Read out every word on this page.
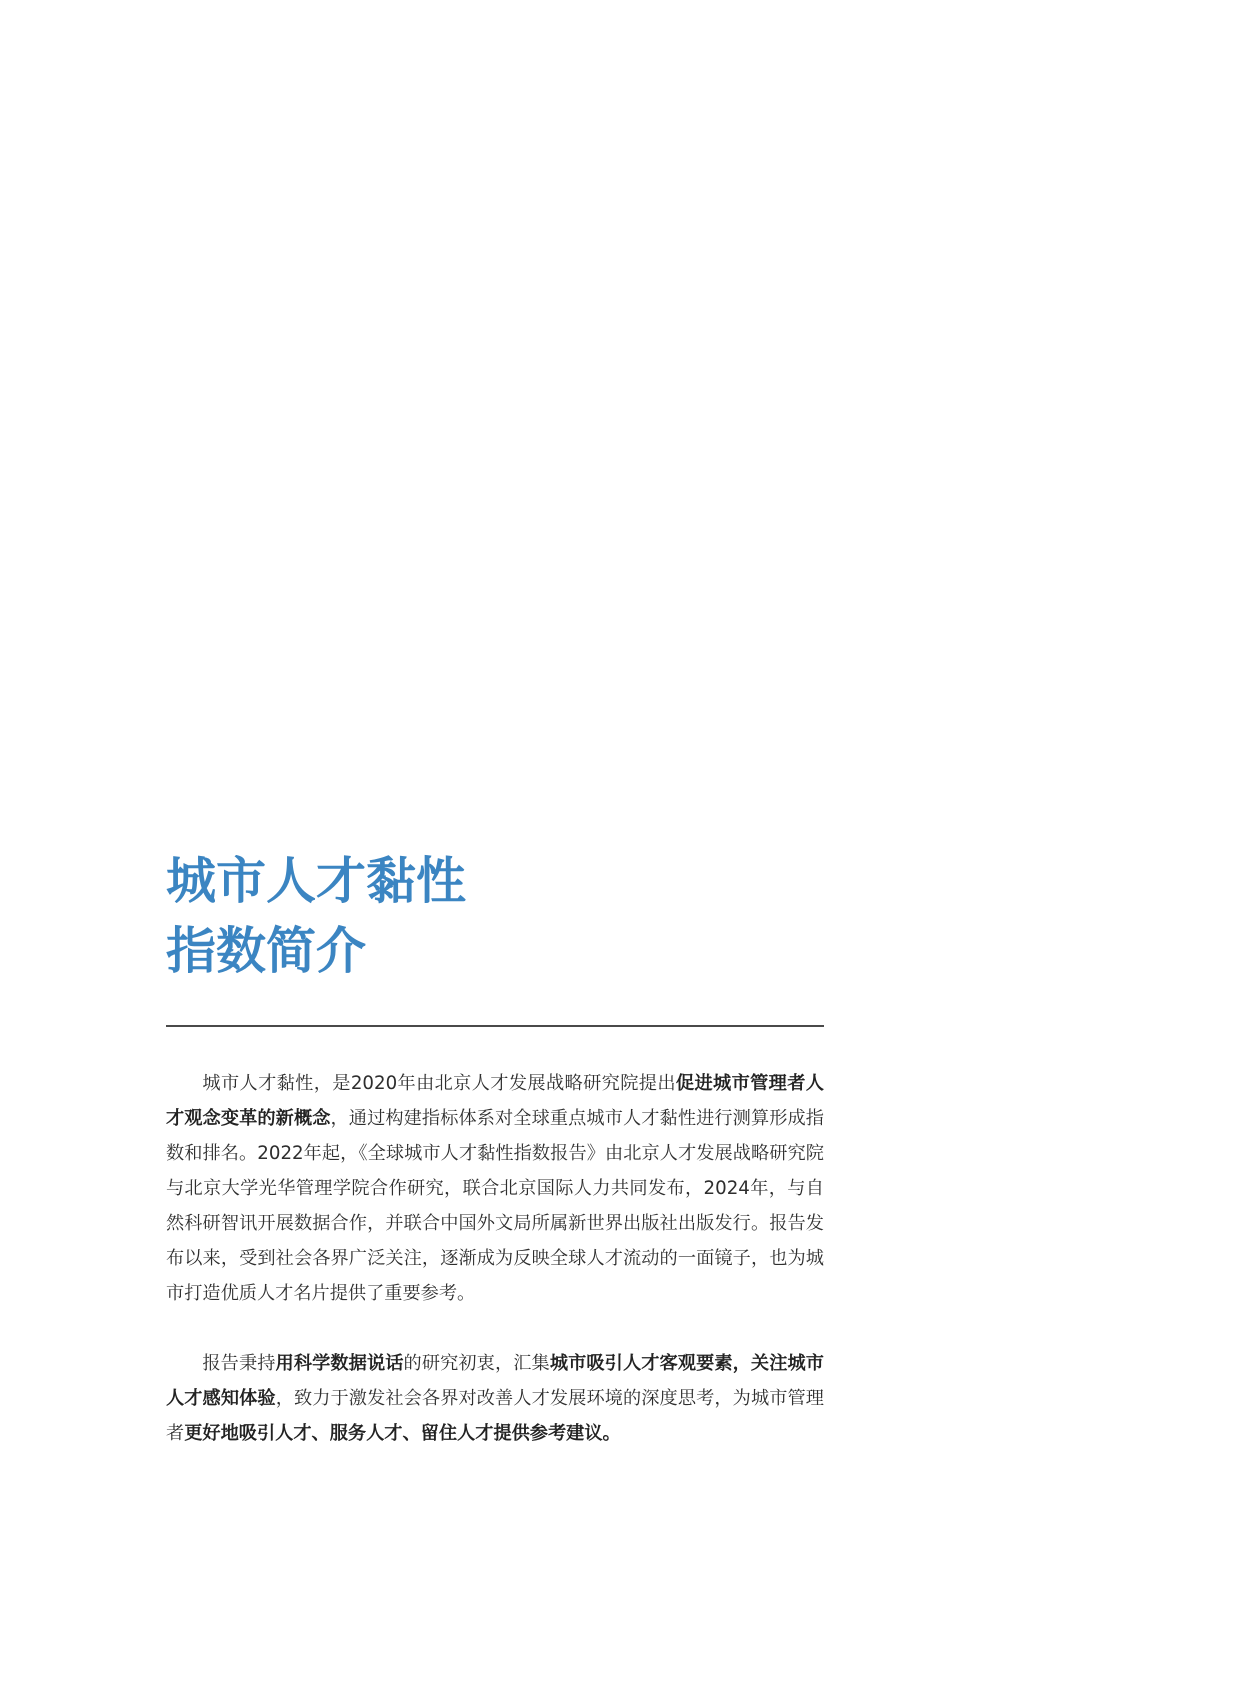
城市人才黏性
指数简介

城市人才黏性，是2020年由北京人才发展战略研究院提出促进城市管理者人才观念变革的新概念，通过构建指标体系对全球重点城市人才黏性进行测算形成指数和排名。2022年起，《全球城市人才黏性指数报告》由北京人才发展战略研究院与北京大学光华管理学院合作研究，联合北京国际人力共同发布，2024年，与自然科研智讯开展数据合作，并联合中国外文局所属新世界出版社出版发行。报告发布以来，受到社会各界广泛关注，逐渐成为反映全球人才流动的一面镜子，也为城市打造优质人才名片提供了重要参考。

报告秉持用科学数据说话的研究初衷，汇集城市吸引人才客观要素，关注城市人才感知体验，致力于激发社会各界对改善人才发展环境的深度思考，为城市管理者更好地吸引人才、服务人才、留住人才提供参考建议。
